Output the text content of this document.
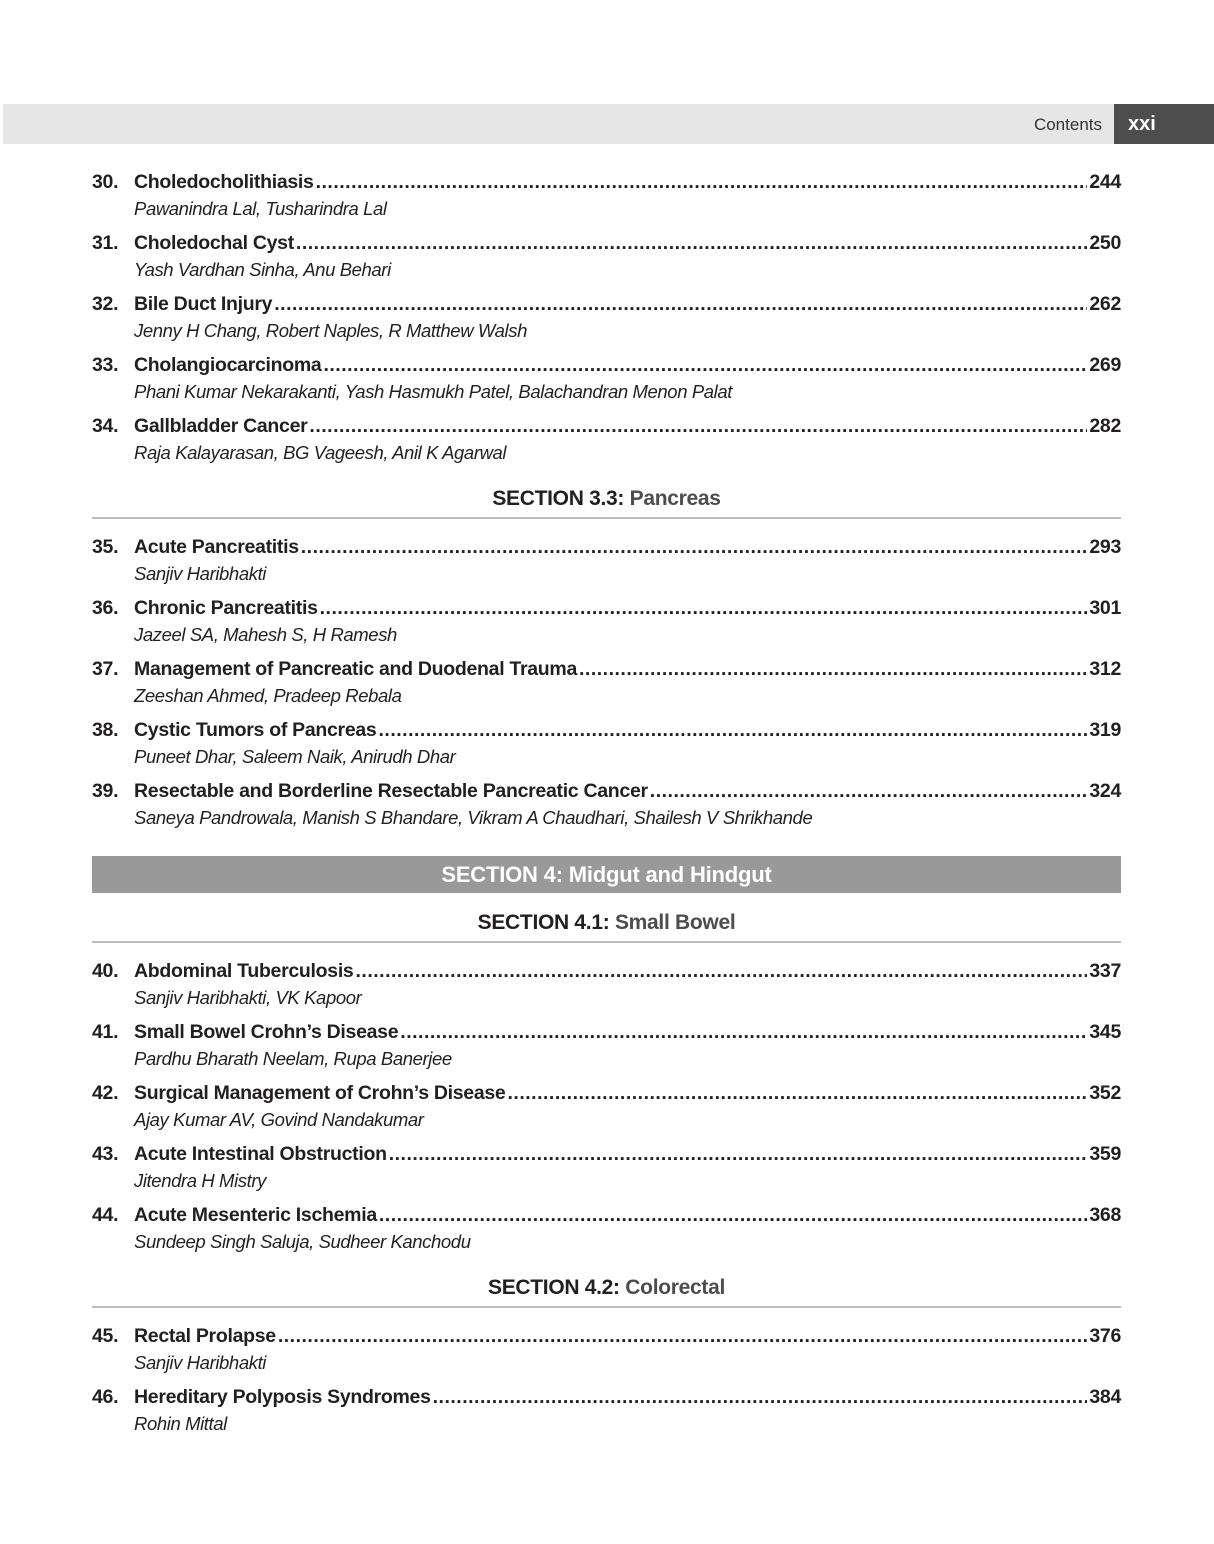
Contents	xxi
30. Choledocholithiasis .....	244
Pawanindra Lal, Tusharindra Lal
31. Choledochal Cyst .....	250
Yash Vardhan Sinha, Anu Behari
32. Bile Duct Injury .....	262
Jenny H Chang, Robert Naples, R Matthew Walsh
33. Cholangiocarcinoma .....	269
Phani Kumar Nekarakanti, Yash Hasmukh Patel, Balachandran Menon Palat
34. Gallbladder Cancer .....	282
Raja Kalayarasan, BG Vageesh, Anil K Agarwal
SECTION 3.3: Pancreas
35. Acute Pancreatitis .....	293
Sanjiv Haribhakti
36. Chronic Pancreatitis .....	301
Jazeel SA, Mahesh S, H Ramesh
37. Management of Pancreatic and Duodenal Trauma .....	312
Zeeshan Ahmed, Pradeep Rebala
38. Cystic Tumors of Pancreas .....	319
Puneet Dhar, Saleem Naik, Anirudh Dhar
39. Resectable and Borderline Resectable Pancreatic Cancer .....	324
Saneya Pandrowala, Manish S Bhandare, Vikram A Chaudhari, Shailesh V Shrikhande
SECTION 4: Midgut and Hindgut
SECTION 4.1: Small Bowel
40. Abdominal Tuberculosis .....	337
Sanjiv Haribhakti, VK Kapoor
41. Small Bowel Crohn’s Disease .....	345
Pardhu Bharath Neelam, Rupa Banerjee
42. Surgical Management of Crohn’s Disease .....	352
Ajay Kumar AV, Govind Nandakumar
43. Acute Intestinal Obstruction .....	359
Jitendra H Mistry
44. Acute Mesenteric Ischemia .....	368
Sundeep Singh Saluja, Sudheer Kanchodu
SECTION 4.2: Colorectal
45. Rectal Prolapse .....	376
Sanjiv Haribhakti
46. Hereditary Polyposis Syndromes .....	384
Rohin Mittal
